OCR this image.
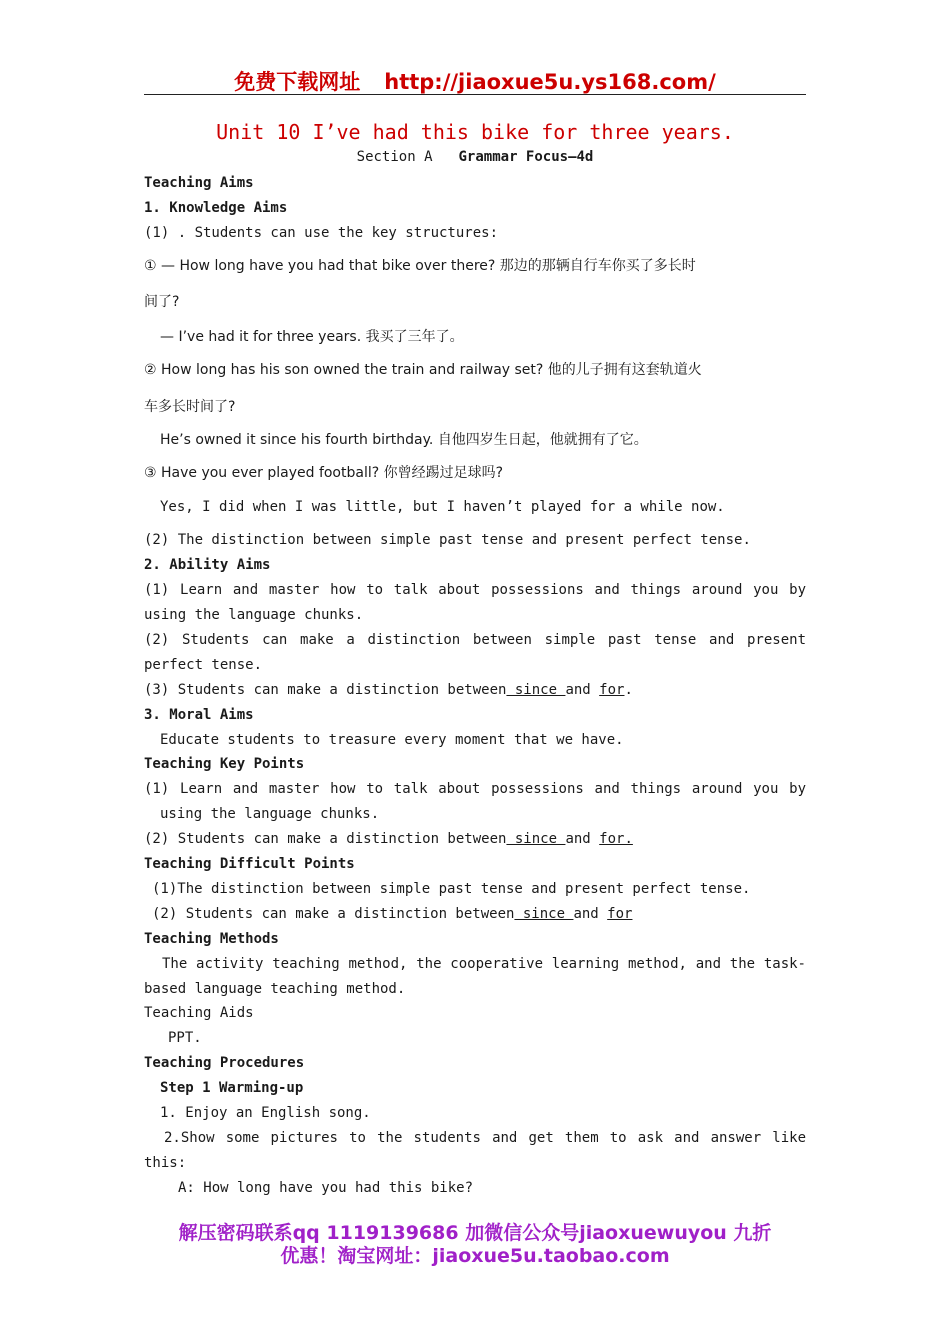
免费下载网址 http://jiaoxue5u.ys168.com/
Unit 10 I’ve had this bike for three years.
Section A Grammar Focus—4d
Teaching Aims
1. Knowledge Aims
(1) . Students can use the key structures:
① — How long have you had that bike over there? 那边的那辆自行车你买了多长时
间了?
— I’ve had it for three years. 我买了三年了。
② How long has his son owned the train and railway set? 他的儿子拥有这套轨道火
车多长时间了?
He’s owned it since his fourth birthday. 自他四岁生日起，他就拥有了它。
③ Have you ever played football? 你曾经踢过足球吗?
Yes, I did when I was little, but I haven’t played for a while now.
(2) The distinction between simple past tense and present perfect tense.
2. Ability Aims
(1) Learn and master how to talk about possessions and things around you by
using the language chunks.
(2) Students can make a distinction between simple past tense and present
perfect tense.
(3) Students can make a distinction between since and for.
3. Moral Aims
Educate students to treasure every moment that we have.
Teaching Key Points
(1) Learn and master how to talk about possessions and things around you by
using the language chunks.
(2) Students can make a distinction between since and for.
Teaching Difficult Points
(1)The distinction between simple past tense and present perfect tense.
(2) Students can make a distinction between since and for
Teaching Methods
The activity teaching method, the cooperative learning method, and the task-
based language teaching method.
Teaching Aids
PPT.
Teaching Procedures
Step 1 Warming-up
1. Enjoy an English song.
2.Show some pictures to the students and get them to ask and answer like
this:
A: How long have you had this bike?
解压密码联系qq 1119139686 加微信公众号jiaoxuewuyou 九折
优惠！淘宝网址：jiaoxue5u.taobao.com
